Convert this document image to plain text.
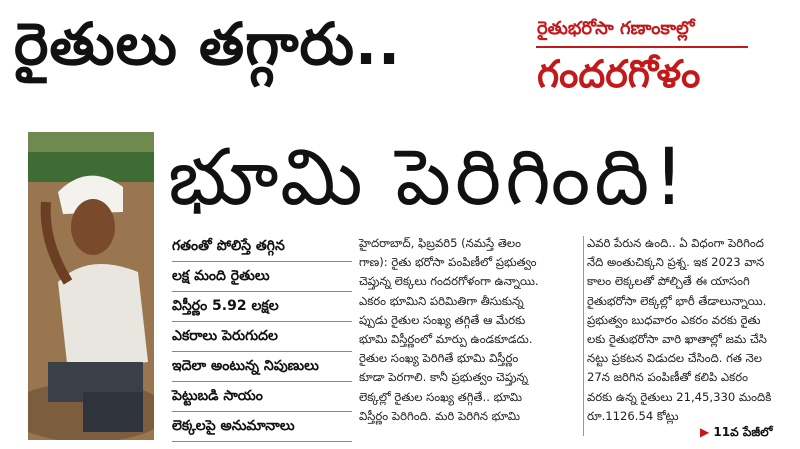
రైతులు తగ్గారు..	రైతుభరోసా గణాంకాల్లో
గందరగోళం
భూమి పెరిగింది!
గతంతో పోలిస్తే తగ్గిన
లక్ష మంది రైతులు
విస్తీర్ణం 5.92 లక్షల
ఎకరాలు పెరుగుదల
ఇదెలా అంటున్న నిపుణులు
పెట్టుబడి సాయం
లెక్కలపై అనుమానాలు
హైదరాబాద్, ఫిబ్రవరి5 (నమస్తే తెలం
గాణ): రైతు భరోసా పంపిణీలో ప్రభుత్వం
చెప్తున్న లెక్కలు గందరగోళంగా ఉన్నాయి.
ఎకరం భూమిని పరిమితిగా తీసుకున్న
ప్పుడు రైతుల సంఖ్య తగ్గితే ఆ మేరకు
భూమి విస్తీర్ణంలో మార్పు ఉండకూడదు.
రైతుల సంఖ్య పెరిగితే భూమి విస్తీర్ణం
కూడా పెరగాలి. కానీ ప్రభుత్వం చెప్తున్న
లెక్కల్లో రైతుల సంఖ్య తగ్గితే.. భూమి
విస్తీర్ణం పెరిగింది. మరి పెరిగిన భూమి
ఎవరి పేరున ఉంది.. ఏ విధంగా పెరిగింద
నేది అంతుచిక్కని ప్రశ్న. ఇక 2023 వాన
కాలం లెక్కలతో పోల్చితే ఈ యాసంగి
రైతుభరోసా లెక్కల్లో భారీ తేడాలున్నాయి.
ప్రభుత్వం బుధవారం ఎకరం వరకు రైతు
లకు రైతుభరోసా వారి ఖాతాల్లో జమ చేసి
నట్టు ప్రకటన విడుదల చేసింది. గత నెల
27న జరిగిన పంపిణీతో కలిపి ఎకరం
వరకు ఉన్న రైతులు 21,45,330 మందికి
రూ.1126.54 కోట్లు
▶ 11వ పేజీలో
